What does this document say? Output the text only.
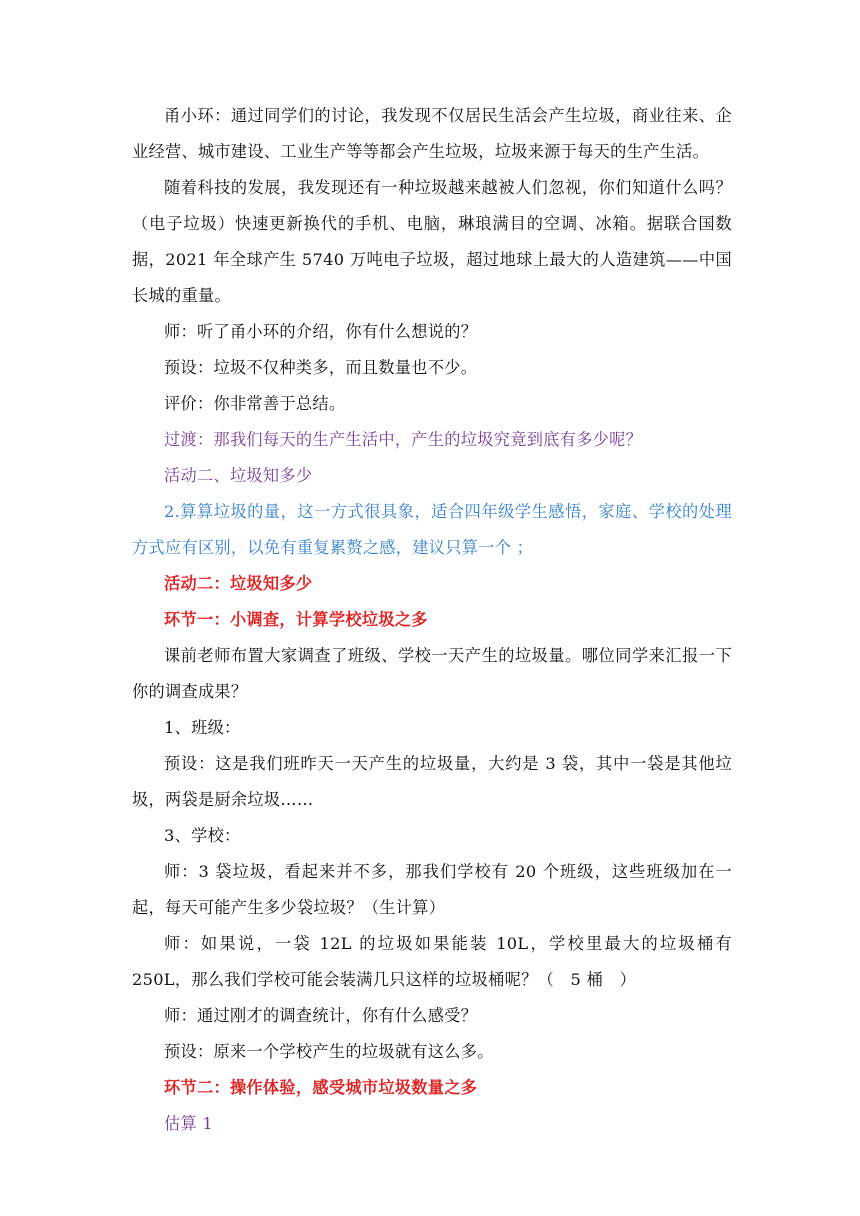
甬小环：通过同学们的讨论，我发现不仅居民生活会产生垃圾，商业往来、企业经营、城市建设、工业生产等等都会产生垃圾，垃圾来源于每天的生产生活。

随着科技的发展，我发现还有一种垃圾越来越被人们忽视，你们知道什么吗？（电子垃圾）快速更新换代的手机、电脑，琳琅满目的空调、冰箱。据联合国数据，2021 年全球产生 5740 万吨电子垃圾，超过地球上最大的人造建筑——中国长城的重量。

师：听了甬小环的介绍，你有什么想说的？

预设：垃圾不仅种类多，而且数量也不少。

评价：你非常善于总结。

过渡：那我们每天的生产生活中，产生的垃圾究竟到底有多少呢？

活动二、垃圾知多少

2.算算垃圾的量，这一方式很具象，适合四年级学生感悟，家庭、学校的处理方式应有区别，以免有重复累赘之感，建议只算一个 ；

活动二：垃圾知多少

环节一：小调查，计算学校垃圾之多

课前老师布置大家调查了班级、学校一天产生的垃圾量。哪位同学来汇报一下你的调查成果？

1、班级：

预设：这是我们班昨天一天产生的垃圾量，大约是 3 袋，其中一袋是其他垃圾，两袋是厨余垃圾……

3、学校：

师：3 袋垃圾，看起来并不多，那我们学校有 20 个班级，这些班级加在一起，每天可能产生多少袋垃圾？（生计算）

师：如果说，一袋 12L 的垃圾如果能装 10L，学校里最大的垃圾桶有 250L，那么我们学校可能会装满几只这样的垃圾桶呢？（　5 桶　）

师：通过刚才的调查统计，你有什么感受？

预设：原来一个学校产生的垃圾就有这么多。

环节二：操作体验，感受城市垃圾数量之多

估算 1
